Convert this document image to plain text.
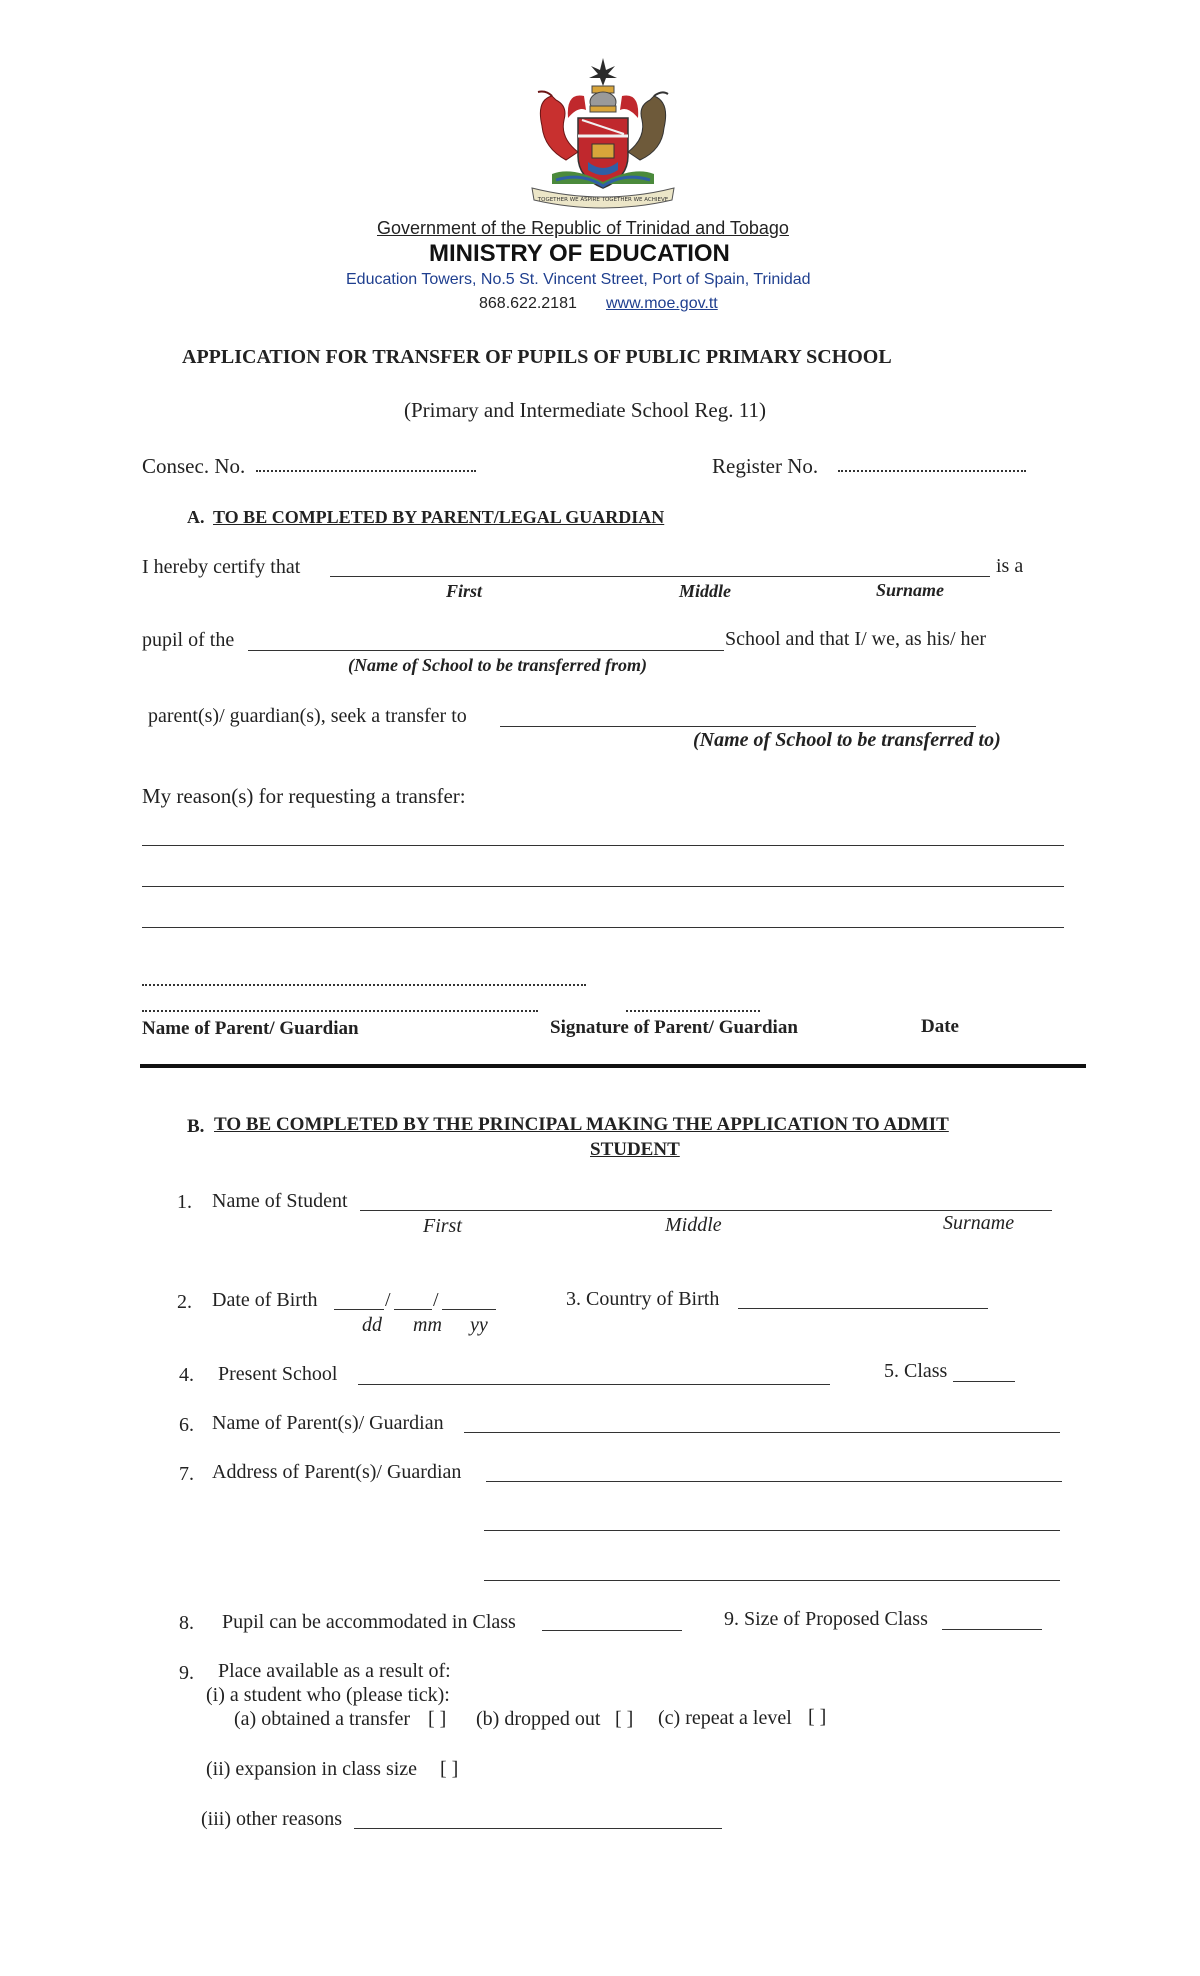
TOGETHER WE ASPIRE TOGETHER WE ACHIEVE
Government of the Republic of Trinidad and Tobago
MINISTRY OF EDUCATION
Education Towers, No.5 St. Vincent Street, Port of Spain, Trinidad
868.622.2181 www.moe.gov.tt
APPLICATION FOR TRANSFER OF PUPILS OF PUBLIC PRIMARY SCHOOL
(Primary and Intermediate School Reg. 11)
Consec. No.	Register No.
A. TO BE COMPLETED BY PARENT/LEGAL GUARDIAN
I hereby certify that	is a
First	Middle	Surname
pupil of the	School and that I/ we, as his/ her
(Name of School to be transferred from)
parent(s)/ guardian(s), seek a transfer to
(Name of School to be transferred to)
My reason(s) for requesting a transfer:
Name of Parent/ Guardian	Signature of Parent/ Guardian	Date
B. TO BE COMPLETED BY THE PRINCIPAL MAKING THE APPLICATION TO ADMIT
STUDENT
1. Name of Student
First	Middle	Surname
2. Date of Birth	/ /
dd mm yy
3. Country of Birth
4. Present School	5. Class
6. Name of Parent(s)/ Guardian
7. Address of Parent(s)/ Guardian
8. Pupil can be accommodated in Class	9. Size of Proposed Class
9. Place available as a result of:
(i) a student who (please tick):
(a) obtained a transfer [ ] (b) dropped out [ ] (c) repeat a level [ ]
(ii) expansion in class size [ ]
(iii) other reasons
